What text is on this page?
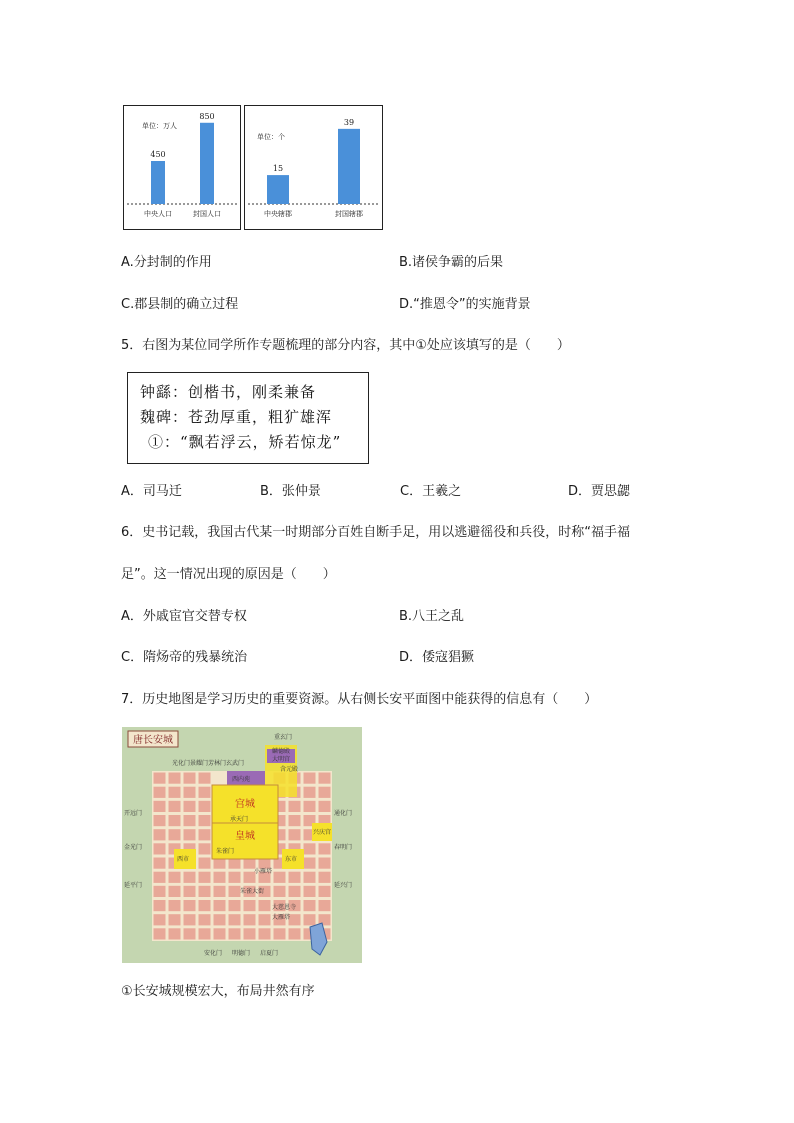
单位：万人
450
中央人口
850
封国人口
单位：个
15
中央辖郡
39
封国辖郡
A.分封制的作用	B.诸侯争霸的后果
C.郡县制的确立过程	D.“推恩令”的实施背景
5．右图为某位同学所作专题梳理的部分内容，其中①处应该填写的是（　　）
钟繇：创楷书，刚柔兼备
魏碑：苍劲厚重，粗犷雄浑
①：“飘若浮云，矫若惊龙”
A．司马迁	B．张仲景	C．王羲之	D．贾思勰
6．史书记载，我国古代某一时期部分百姓自断手足，用以逃避徭役和兵役，时称“福手福
足”。这一情况出现的原因是（　　）
A．外戚宦官交替专权	B.八王之乱
C．隋炀帝的残暴统治	D．倭寇猖獗
7．历史地图是学习历史的重要资源。从右侧长安平面图中能获得的信息有（　　）
唐长安城	重玄门
麟德殿
大明宫
含元殿
光化门 景耀门 芳林门 玄武门
西内苑
宫城
承天门
皇城	兴庆宫
开远门	通化门
金光门	春明门
延平门	延兴门
西市	东市
朱雀门
小雁塔
朱雀大街
大慈恩寺
大雁塔
安化门 明德门 启夏门
①长安城规模宏大，布局井然有序
